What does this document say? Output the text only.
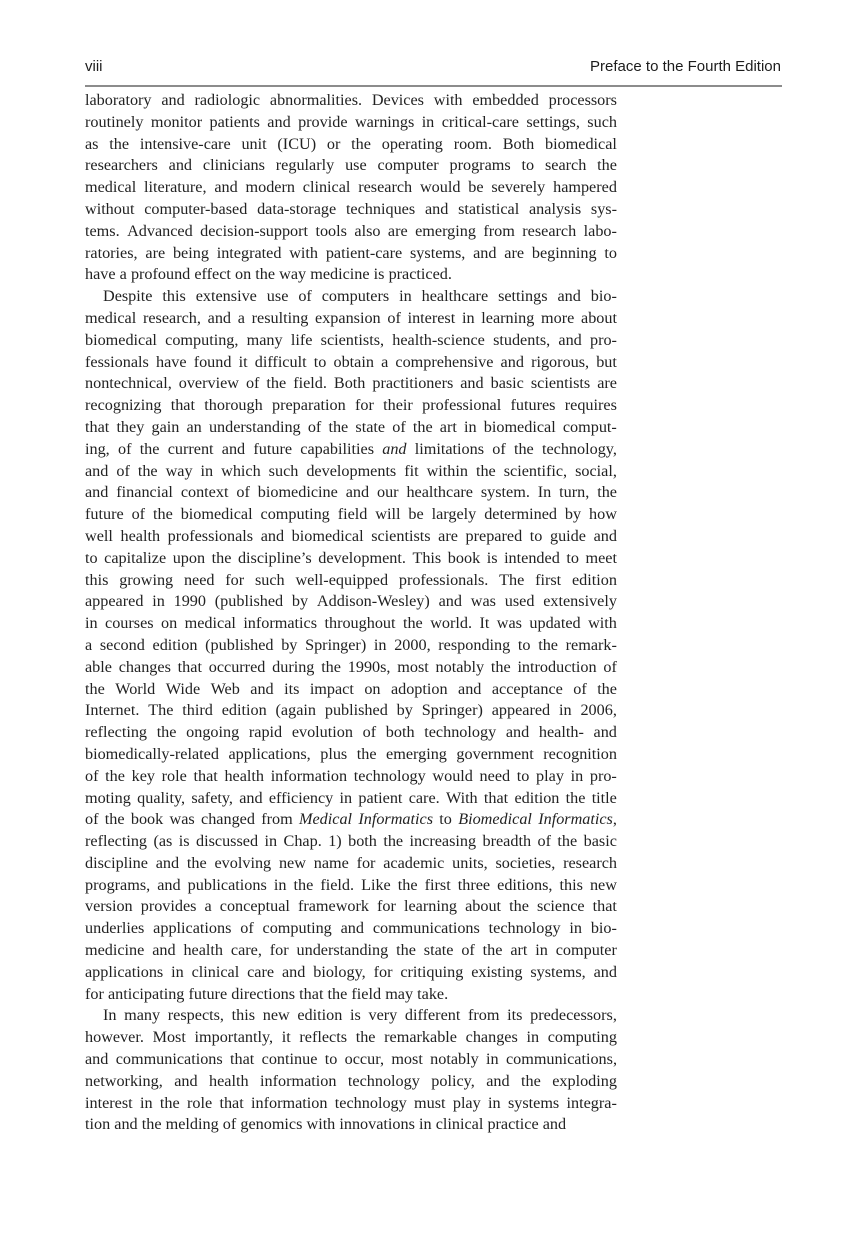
viii	Preface to the Fourth Edition
laboratory and radiologic abnormalities. Devices with embedded processors
routinely monitor patients and provide warnings in critical-care settings, such
as the intensive-care unit (ICU) or the operating room. Both biomedical
researchers and clinicians regularly use computer programs to search the
medical literature, and modern clinical research would be severely hampered
without computer-based data-storage techniques and statistical analysis sys-
tems. Advanced decision-support tools also are emerging from research labo-
ratories, are being integrated with patient-care systems, and are beginning to
have a profound effect on the way medicine is practiced.
Despite this extensive use of computers in healthcare settings and bio-
medical research, and a resulting expansion of interest in learning more about
biomedical computing, many life scientists, health-science students, and pro-
fessionals have found it difficult to obtain a comprehensive and rigorous, but
nontechnical, overview of the field. Both practitioners and basic scientists are
recognizing that thorough preparation for their professional futures requires
that they gain an understanding of the state of the art in biomedical comput-
ing, of the current and future capabilities and limitations of the technology,
and of the way in which such developments fit within the scientific, social,
and financial context of biomedicine and our healthcare system. In turn, the
future of the biomedical computing field will be largely determined by how
well health professionals and biomedical scientists are prepared to guide and
to capitalize upon the discipline’s development. This book is intended to meet
this growing need for such well-equipped professionals. The first edition
appeared in 1990 (published by Addison-Wesley) and was used extensively
in courses on medical informatics throughout the world. It was updated with
a second edition (published by Springer) in 2000, responding to the remark-
able changes that occurred during the 1990s, most notably the introduction of
the World Wide Web and its impact on adoption and acceptance of the
Internet. The third edition (again published by Springer) appeared in 2006,
reflecting the ongoing rapid evolution of both technology and health- and
biomedically-related applications, plus the emerging government recognition
of the key role that health information technology would need to play in pro-
moting quality, safety, and efficiency in patient care. With that edition the title
of the book was changed from Medical Informatics to Biomedical Informatics,
reflecting (as is discussed in Chap. 1) both the increasing breadth of the basic
discipline and the evolving new name for academic units, societies, research
programs, and publications in the field. Like the first three editions, this new
version provides a conceptual framework for learning about the science that
underlies applications of computing and communications technology in bio-
medicine and health care, for understanding the state of the art in computer
applications in clinical care and biology, for critiquing existing systems, and
for anticipating future directions that the field may take.
In many respects, this new edition is very different from its predecessors,
however. Most importantly, it reflects the remarkable changes in computing
and communications that continue to occur, most notably in communications,
networking, and health information technology policy, and the exploding
interest in the role that information technology must play in systems integra-
tion and the melding of genomics with innovations in clinical practice and
